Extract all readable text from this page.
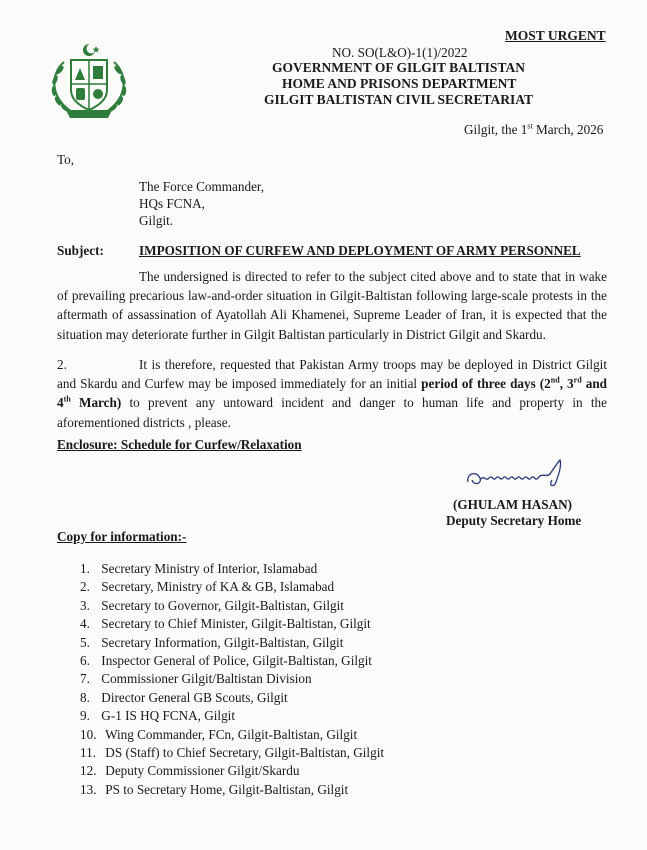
MOST URGENT
NO. SO(L&O)-1(1)/2022
GOVERNMENT OF GILGIT BALTISTAN
HOME AND PRISONS DEPARTMENT
GILGIT BALTISTAN CIVIL SECRETARIAT
Gilgit, the 1st March, 2026
To,
The Force Commander,
HQs FCNA,
Gilgit.
Subject:	IMPOSITION OF CURFEW AND DEPLOYMENT OF ARMY PERSONNEL
The undersigned is directed to refer to the subject cited above and to state that in wake of prevailing precarious law-and-order situation in Gilgit-Baltistan following large-scale protests in the aftermath of assassination of Ayatollah Ali Khamenei, Supreme Leader of Iran, it is expected that the situation may deteriorate further in Gilgit Baltistan particularly in District Gilgit and Skardu.
2.	It is therefore, requested that Pakistan Army troops may be deployed in District Gilgit and Skardu and Curfew may be imposed immediately for an initial period of three days (2nd, 3rd and 4th March) to prevent any untoward incident and danger to human life and property in the aforementioned districts , please.
Enclosure: Schedule for Curfew/Relaxation
(GHULAM HASAN)
Deputy Secretary Home
Copy for information:-
1. Secretary Ministry of Interior, Islamabad
2. Secretary, Ministry of KA & GB, Islamabad
3. Secretary to Governor, Gilgit-Baltistan, Gilgit
4. Secretary to Chief Minister, Gilgit-Baltistan, Gilgit
5. Secretary Information, Gilgit-Baltistan, Gilgit
6. Inspector General of Police, Gilgit-Baltistan, Gilgit
7. Commissioner Gilgit/Baltistan Division
8. Director General GB Scouts, Gilgit
9. G-1 IS HQ FCNA, Gilgit
10. Wing Commander, FCn, Gilgit-Baltistan, Gilgit
11. DS (Staff) to Chief Secretary, Gilgit-Baltistan, Gilgit
12. Deputy Commissioner Gilgit/Skardu
13. PS to Secretary Home, Gilgit-Baltistan, Gilgit
